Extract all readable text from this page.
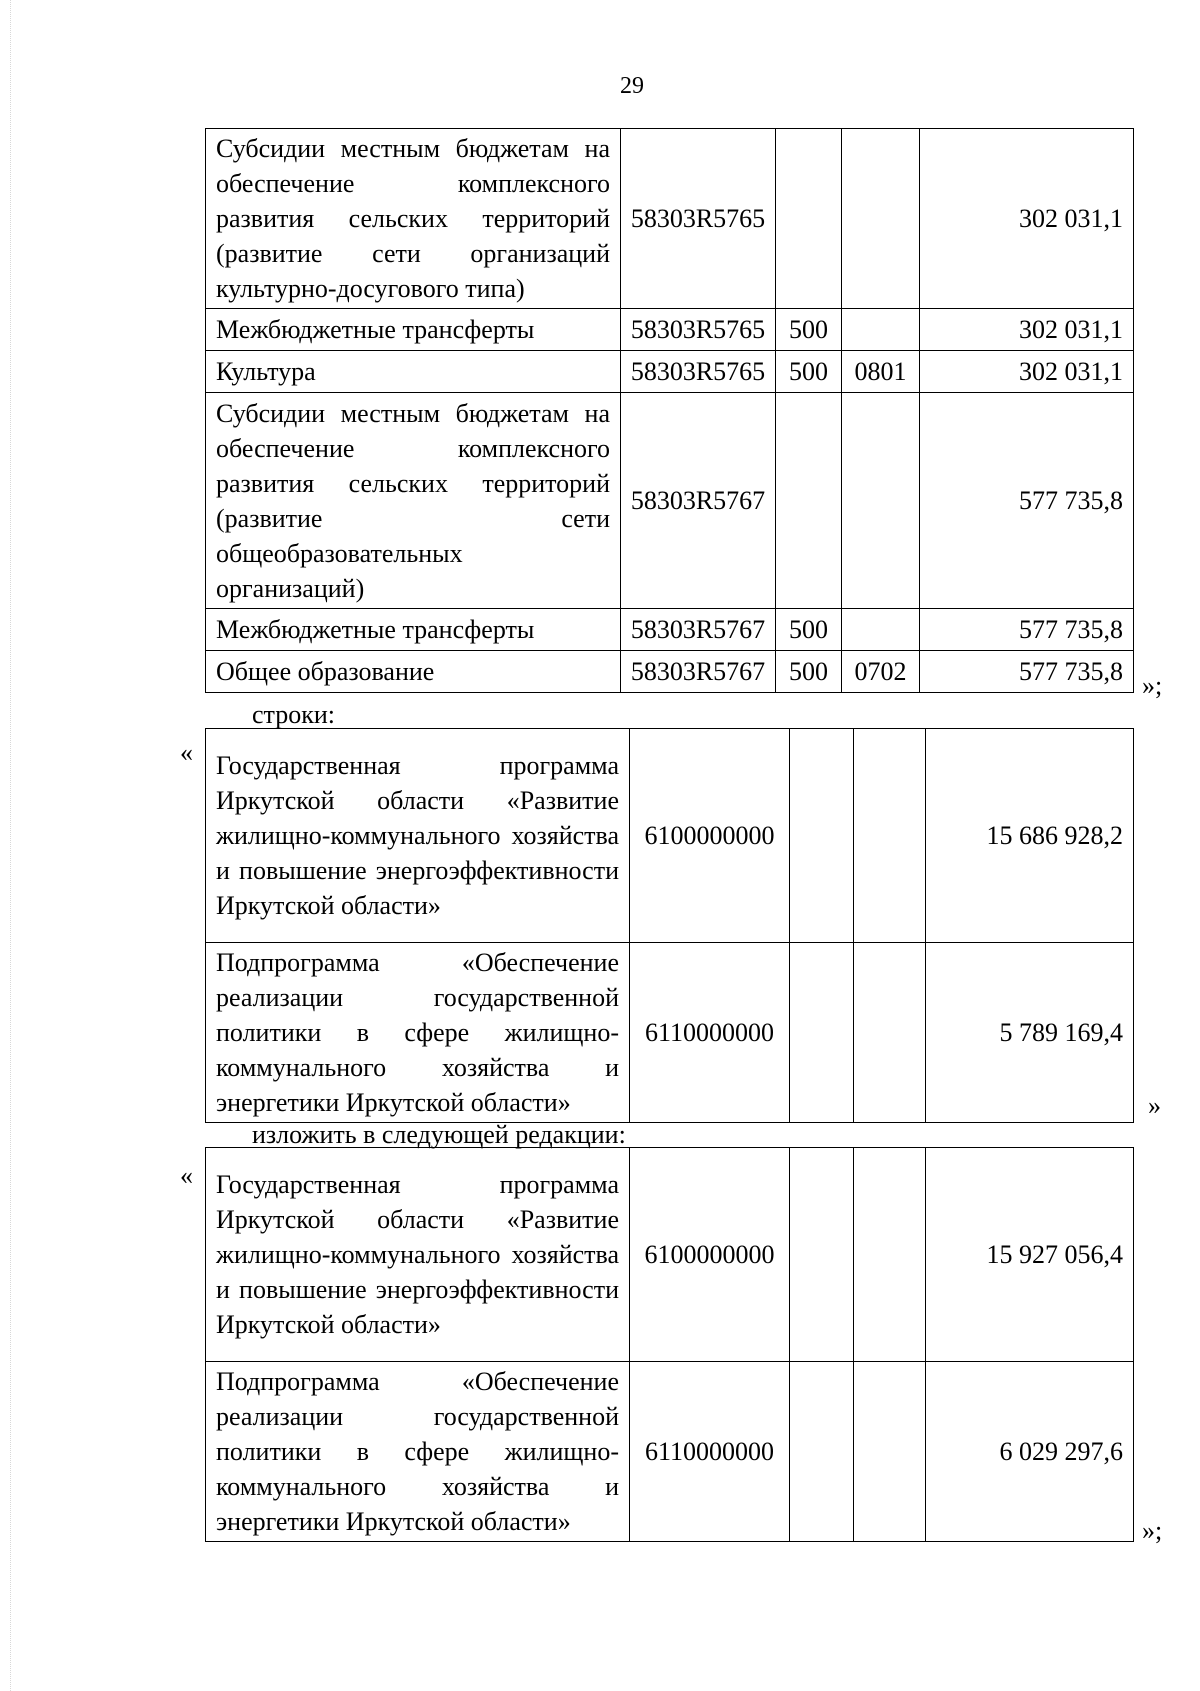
29
Субсидии местным бюджетам на обеспечение комплексного развития сельских территорий (развитие сети организаций культурно-досугового типа)	58303R5765			302 031,1
Межбюджетные трансферты	58303R5765	500		302 031,1
Культура	58303R5765	500	0801	302 031,1
Субсидии местным бюджетам на обеспечение комплексного развития сельских территорий (развитие сети общеобразовательных организаций)	58303R5767			577 735,8
Межбюджетные трансферты	58303R5767	500		577 735,8
Общее образование	58303R5767	500	0702	577 735,8 »;
строки:
« Государственная программа Иркутской области «Развитие жилищно-коммунального хозяйства и повышение энергоэффективности Иркутской области»	6100000000			15 686 928,2
Подпрограмма «Обеспечение реализации государственной политики в сфере жилищно-коммунального хозяйства и энергетики Иркутской области»	6110000000			5 789 169,4
»
изложить в следующей редакции:
« Государственная программа Иркутской области «Развитие жилищно-коммунального хозяйства и повышение энергоэффективности Иркутской области»	6100000000			15 927 056,4
Подпрограмма «Обеспечение реализации государственной политики в сфере жилищно-коммунального хозяйства и энергетики Иркутской области»	6110000000			6 029 297,6
»;
